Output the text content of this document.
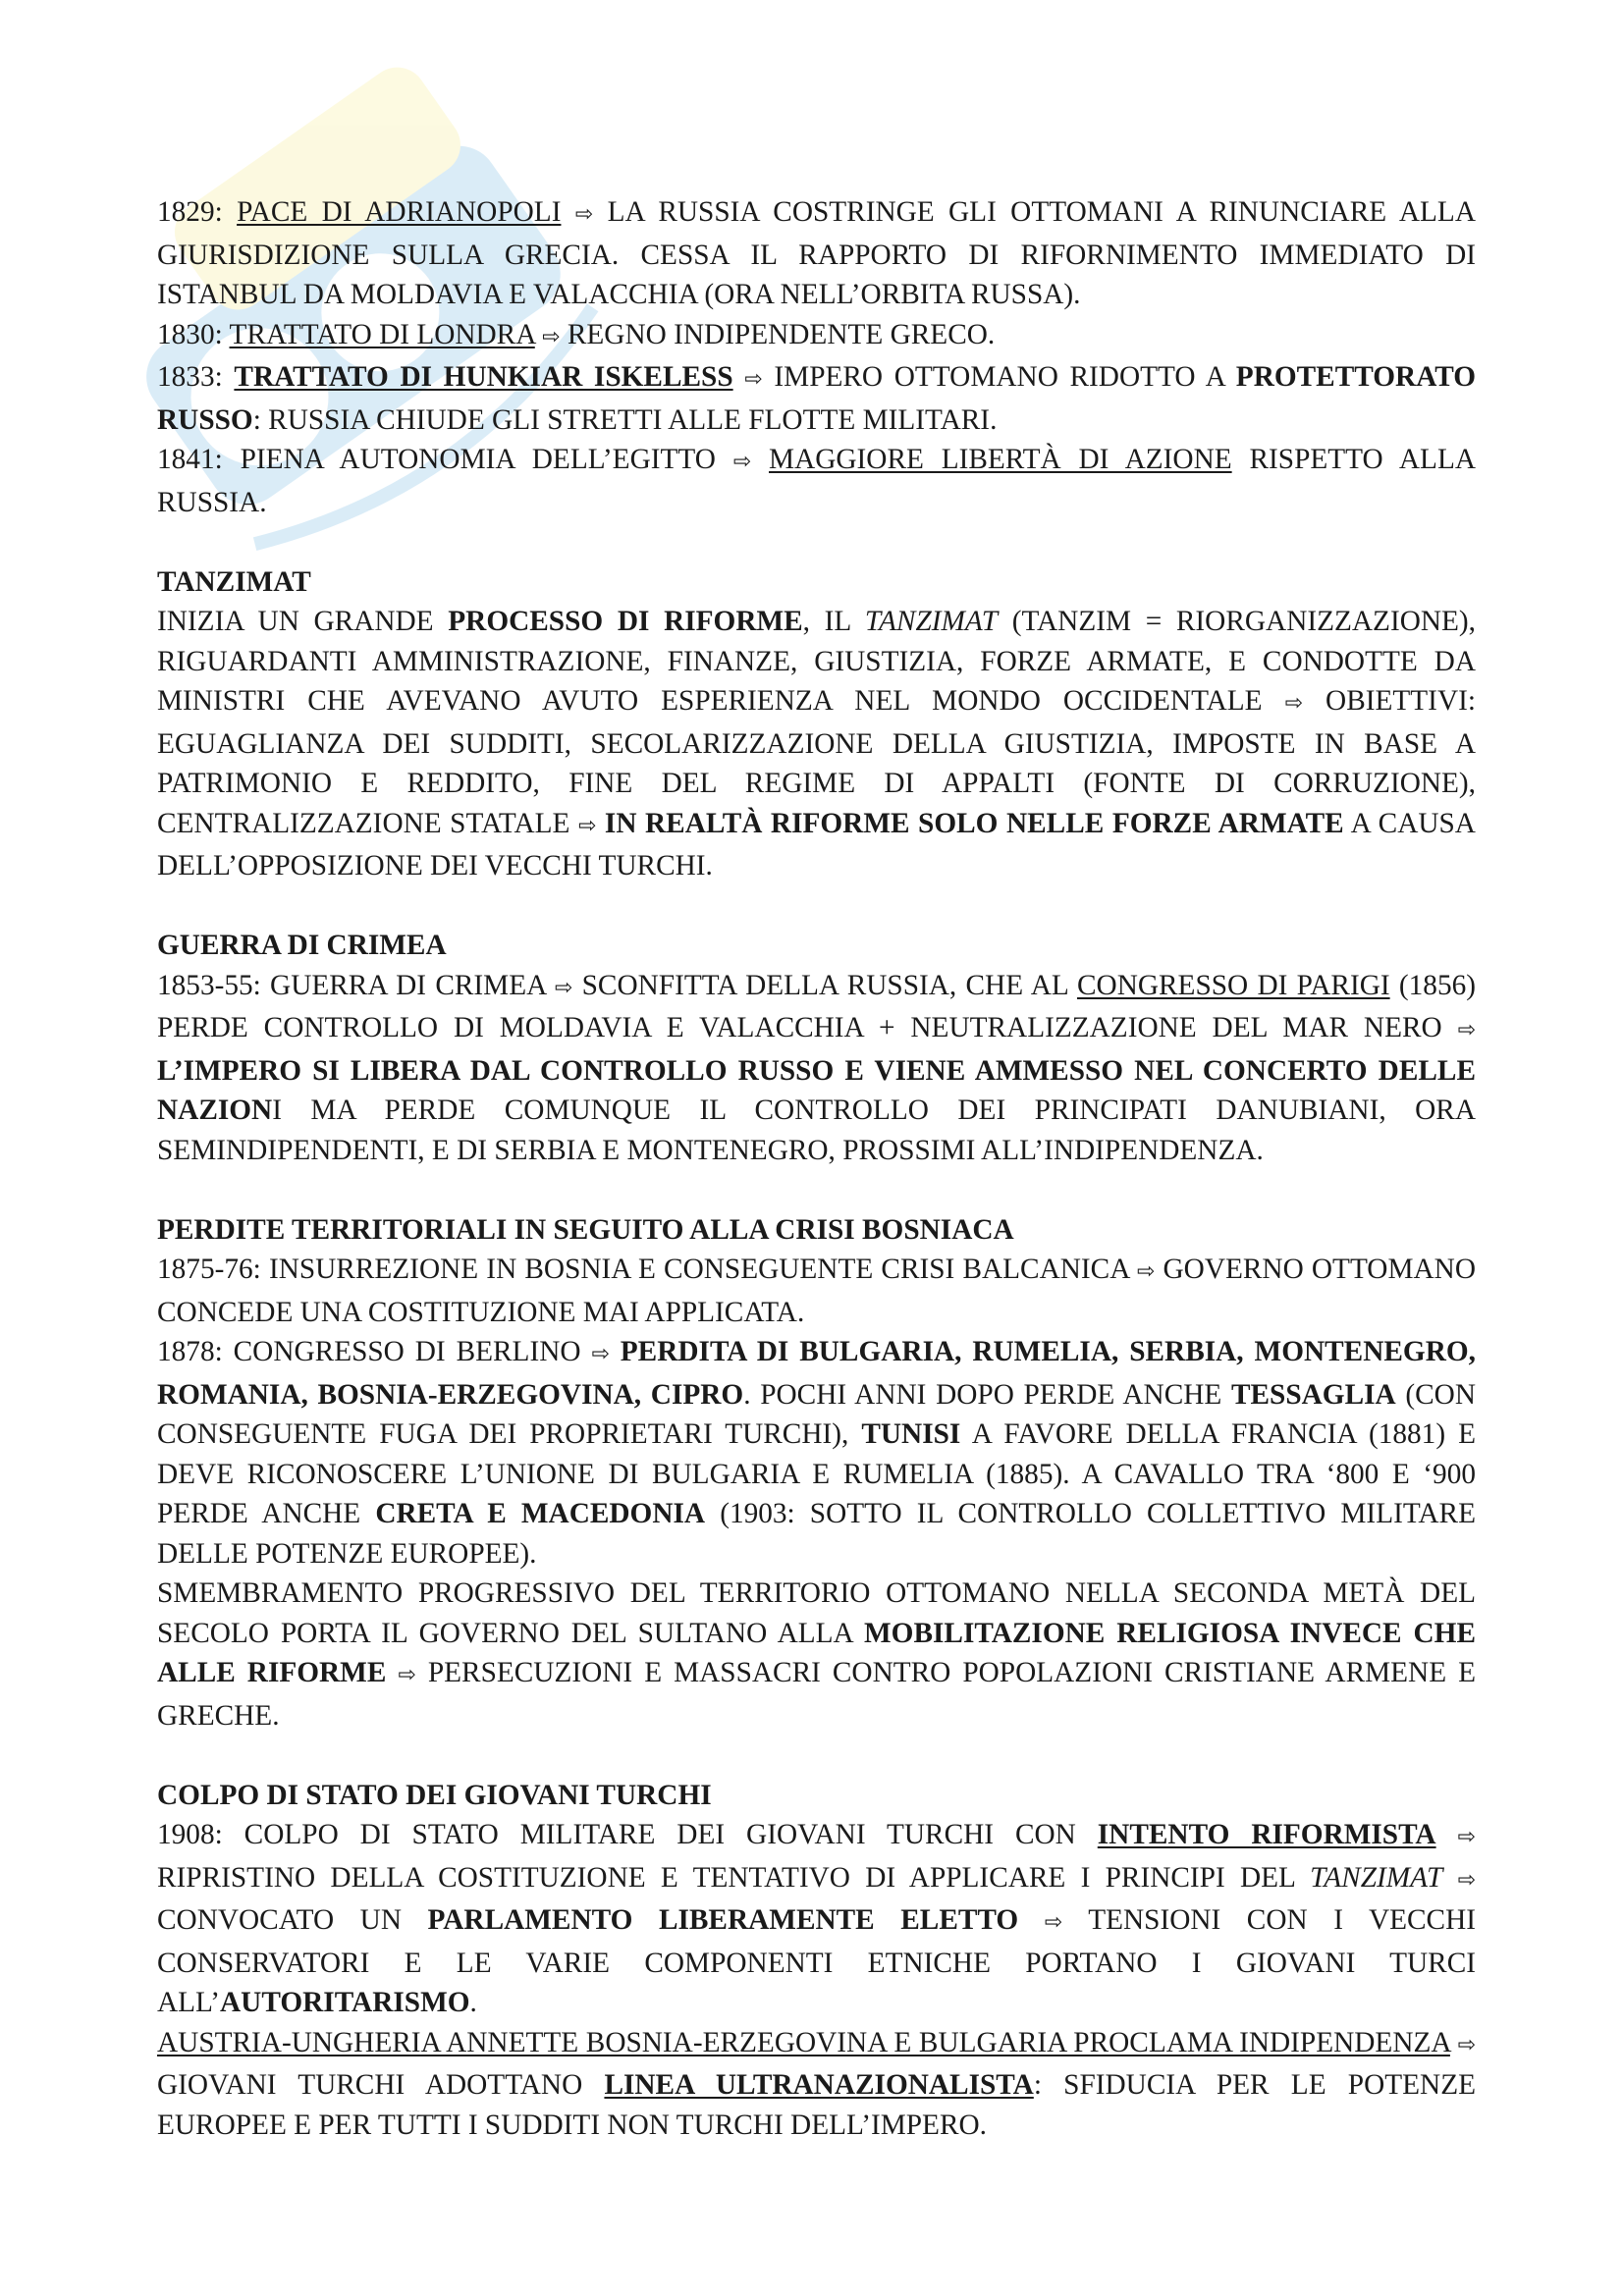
1829: PACE DI ADRIANOPOLI ⇨ LA RUSSIA COSTRINGE GLI OTTOMANI A RINUNCIARE ALLA GIURISDIZIONE SULLA GRECIA. CESSA IL RAPPORTO DI RIFORNIMENTO IMMEDIATO DI ISTANBUL DA MOLDAVIA E VALACCHIA (ORA NELL’ORBITA RUSSA).

1830: TRATTATO DI LONDRA ⇨ REGNO INDIPENDENTE GRECO.

1833: TRATTATO DI HUNKIAR ISKELESS ⇨ IMPERO OTTOMANO RIDOTTO A PROTETTORATO RUSSO: RUSSIA CHIUDE GLI STRETTI ALLE FLOTTE MILITARI.

1841: PIENA AUTONOMIA DELL’EGITTO ⇨ MAGGIORE LIBERTÀ DI AZIONE RISPETTO ALLA RUSSIA.

TANZIMAT

INIZIA UN GRANDE PROCESSO DI RIFORME, IL TANZIMAT (TANZIM = RIORGANIZZAZIONE), RIGUARDANTI AMMINISTRAZIONE, FINANZE, GIUSTIZIA, FORZE ARMATE, E CONDOTTE DA MINISTRI CHE AVEVANO AVUTO ESPERIENZA NEL MONDO OCCIDENTALE ⇨ OBIETTIVI: EGUAGLIANZA DEI SUDDITI, SECOLARIZZAZIONE DELLA GIUSTIZIA, IMPOSTE IN BASE A PATRIMONIO E REDDITO, FINE DEL REGIME DI APPALTI (FONTE DI CORRUZIONE), CENTRALIZZAZIONE STATALE ⇨ IN REALTÀ RIFORME SOLO NELLE FORZE ARMATE A CAUSA DELL’OPPOSIZIONE DEI VECCHI TURCHI.

GUERRA DI CRIMEA

1853-55: GUERRA DI CRIMEA ⇨ SCONFITTA DELLA RUSSIA, CHE AL CONGRESSO DI PARIGI (1856) PERDE CONTROLLO DI MOLDAVIA E VALACCHIA + NEUTRALIZZAZIONE DEL MAR NERO ⇨ L’IMPERO SI LIBERA DAL CONTROLLO RUSSO E VIENE AMMESSO NEL CONCERTO DELLE NAZIONI MA PERDE COMUNQUE IL CONTROLLO DEI PRINCIPATI DANUBIANI, ORA SEMINDIPENDENTI, E DI SERBIA E MONTENEGRO, PROSSIMI ALL’INDIPENDENZA.

PERDITE TERRITORIALI IN SEGUITO ALLA CRISI BOSNIACA

1875-76: INSURREZIONE IN BOSNIA E CONSEGUENTE CRISI BALCANICA ⇨ GOVERNO OTTOMANO CONCEDE UNA COSTITUZIONE MAI APPLICATA.

1878: CONGRESSO DI BERLINO ⇨ PERDITA DI BULGARIA, RUMELIA, SERBIA, MONTENEGRO, ROMANIA, BOSNIA-ERZEGOVINA, CIPRO. POCHI ANNI DOPO PERDE ANCHE TESSAGLIA (CON CONSEGUENTE FUGA DEI PROPRIETARI TURCHI), TUNISI A FAVORE DELLA FRANCIA (1881) E DEVE RICONOSCERE L’UNIONE DI BULGARIA E RUMELIA (1885). A CAVALLO TRA ‘800 E ‘900 PERDE ANCHE CRETA E MACEDONIA (1903: SOTTO IL CONTROLLO COLLETTIVO MILITARE DELLE POTENZE EUROPEE).

SMEMBRAMENTO PROGRESSIVO DEL TERRITORIO OTTOMANO NELLA SECONDA METÀ DEL SECOLO PORTA IL GOVERNO DEL SULTANO ALLA MOBILITAZIONE RELIGIOSA INVECE CHE ALLE RIFORME ⇨ PERSECUZIONI E MASSACRI CONTRO POPOLAZIONI CRISTIANE ARMENE E GRECHE.

COLPO DI STATO DEI GIOVANI TURCHI

1908: COLPO DI STATO MILITARE DEI GIOVANI TURCHI CON INTENTO RIFORMISTA ⇨ RIPRISTINO DELLA COSTITUZIONE E TENTATIVO DI APPLICARE I PRINCIPI DEL TANZIMAT ⇨ CONVOCATO UN PARLAMENTO LIBERAMENTE ELETTO ⇨ TENSIONI CON I VECCHI CONSERVATORI E LE VARIE COMPONENTI ETNICHE PORTANO I GIOVANI TURCI ALL’AUTORITARISMO.

AUSTRIA-UNGHERIA ANNETTE BOSNIA-ERZEGOVINA E BULGARIA PROCLAMA INDIPENDENZA ⇨ GIOVANI TURCHI ADOTTANO LINEA ULTRANAZIONALISTA: SFIDUCIA PER LE POTENZE EUROPEE E PER TUTTI I SUDDITI NON TURCHI DELL’IMPERO.
